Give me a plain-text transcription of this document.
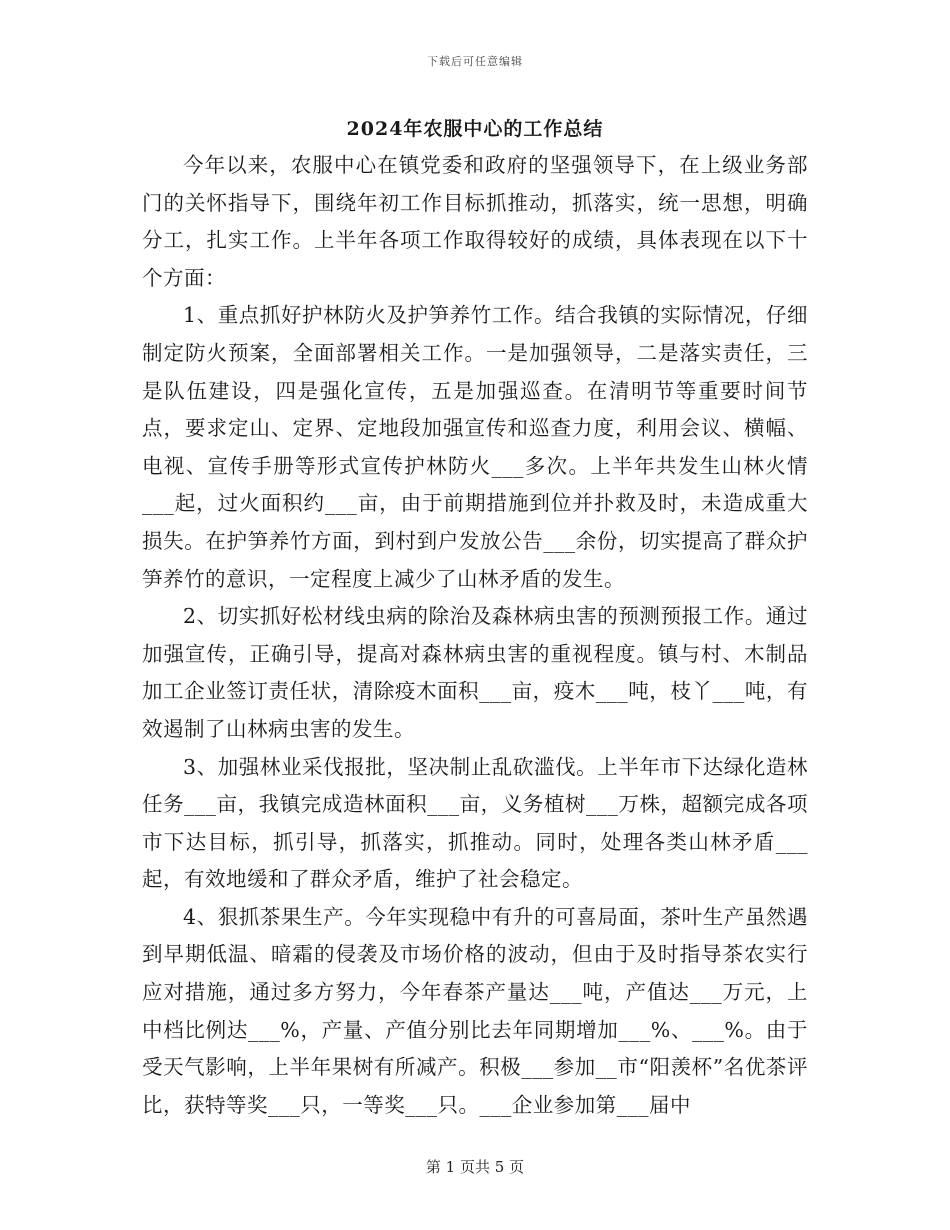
下载后可任意编辑
2024年农服中心的工作总结

今年以来，农服中心在镇党委和政府的坚强领导下，在上级业务部门的关怀指导下，围绕年初工作目标抓推动，抓落实，统一思想，明确分工，扎实工作。上半年各项工作取得较好的成绩，具体表现在以下十个方面：

1、重点抓好护林防火及护笋养竹工作。结合我镇的实际情况，仔细制定防火预案，全面部署相关工作。一是加强领导，二是落实责任，三是队伍建设，四是强化宣传，五是加强巡查。在清明节等重要时间节点，要求定山、定界、定地段加强宣传和巡查力度，利用会议、横幅、电视、宣传手册等形式宣传护林防火___多次。上半年共发生山林火情___起，过火面积约___亩，由于前期措施到位并扑救及时，未造成重大损失。在护笋养竹方面，到村到户发放公告___余份，切实提高了群众护笋养竹的意识，一定程度上减少了山林矛盾的发生。

2、切实抓好松材线虫病的除治及森林病虫害的预测预报工作。通过加强宣传，正确引导，提高对森林病虫害的重视程度。镇与村、木制品加工企业签订责任状，清除疫木面积___亩，疫木___吨，枝丫___吨，有效遏制了山林病虫害的发生。

3、加强林业采伐报批，坚决制止乱砍滥伐。上半年市下达绿化造林任务___亩，我镇完成造林面积___亩，义务植树___万株，超额完成各项市下达目标，抓引导，抓落实，抓推动。同时，处理各类山林矛盾___起，有效地缓和了群众矛盾，维护了社会稳定。

4、狠抓茶果生产。今年实现稳中有升的可喜局面，茶叶生产虽然遇到早期低温、暗霜的侵袭及市场价格的波动，但由于及时指导茶农实行应对措施，通过多方努力，今年春茶产量达___吨，产值达___万元，上中档比例达___%，产量、产值分别比去年同期增加___%、___%。由于受天气影响，上半年果树有所减产。积极___参加__市“阳羡杯”名优茶评比，获特等奖___只，一等奖___只。___企业参加第___届中

第 1 页共 5 页
